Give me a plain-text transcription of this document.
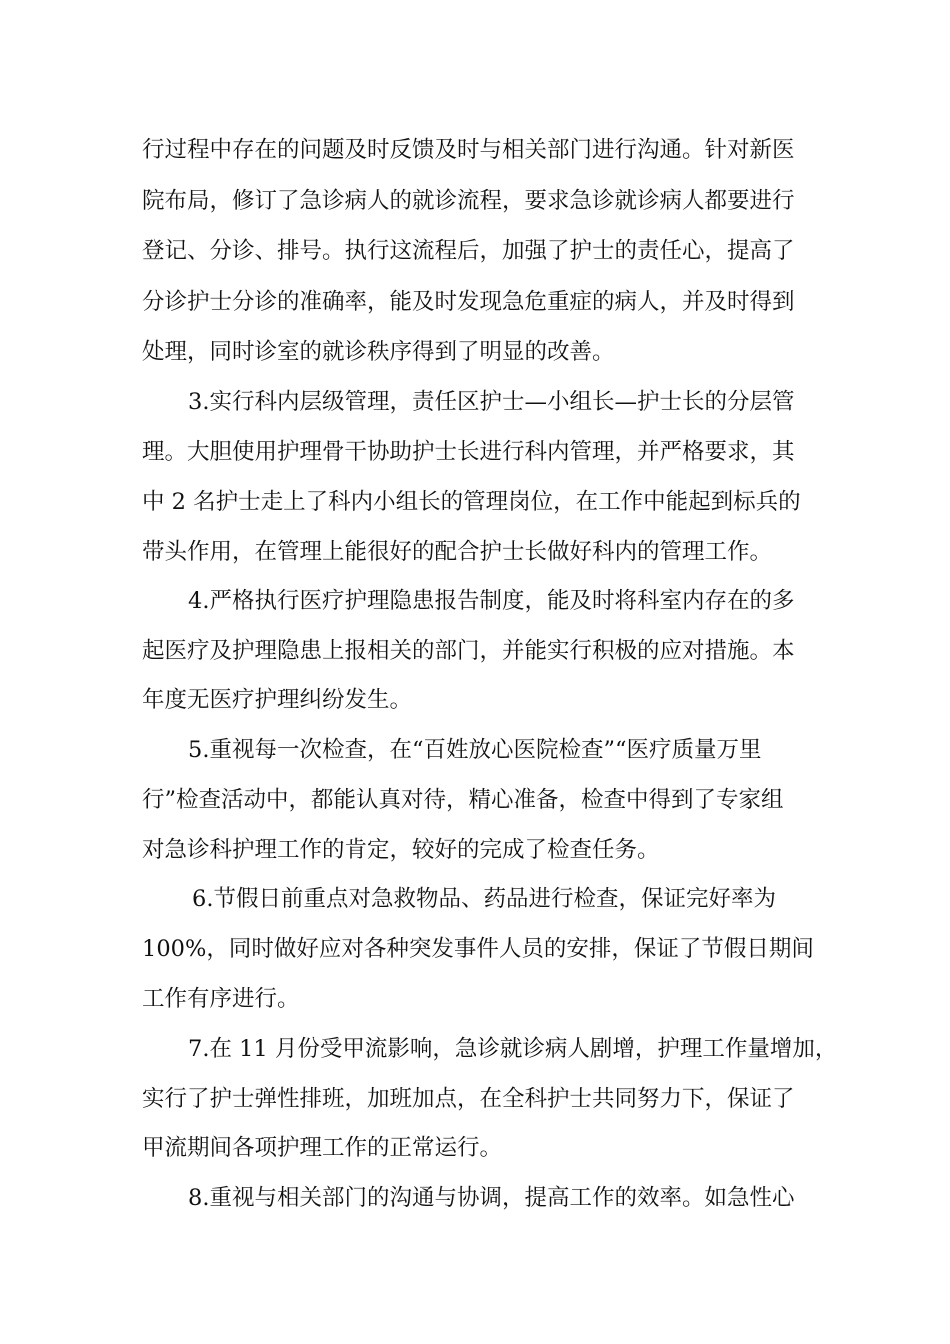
行过程中存在的问题及时反馈及时与相关部门进行沟通。针对新医
院布局，修订了急诊病人的就诊流程，要求急诊就诊病人都要进行
登记、分诊、排号。执行这流程后，加强了护士的责任心，提高了
分诊护士分诊的准确率，能及时发现急危重症的病人，并及时得到
处理，同时诊室的就诊秩序得到了明显的改善。
3.实行科内层级管理，责任区护士—小组长—护士长的分层管
理。大胆使用护理骨干协助护士长进行科内管理，并严格要求，其
中 2 名护士走上了科内小组长的管理岗位，在工作中能起到标兵的
带头作用，在管理上能很好的配合护士长做好科内的管理工作。
4.严格执行医疗护理隐患报告制度，能及时将科室内存在的多
起医疗及护理隐患上报相关的部门，并能实行积极的应对措施。本
年度无医疗护理纠纷发生。
5.重视每一次检查，在“百姓放心医院检查”“医疗质量万里
行”检查活动中，都能认真对待，精心准备，检查中得到了专家组
对急诊科护理工作的肯定，较好的完成了检查任务。
6.节假日前重点对急救物品、药品进行检查，保证完好率为
100%，同时做好应对各种突发事件人员的安排，保证了节假日期间
工作有序进行。
7.在 11 月份受甲流影响，急诊就诊病人剧增，护理工作量增加，
实行了护士弹性排班，加班加点，在全科护士共同努力下，保证了
甲流期间各项护理工作的正常运行。
8.重视与相关部门的沟通与协调，提高工作的效率。如急性心
